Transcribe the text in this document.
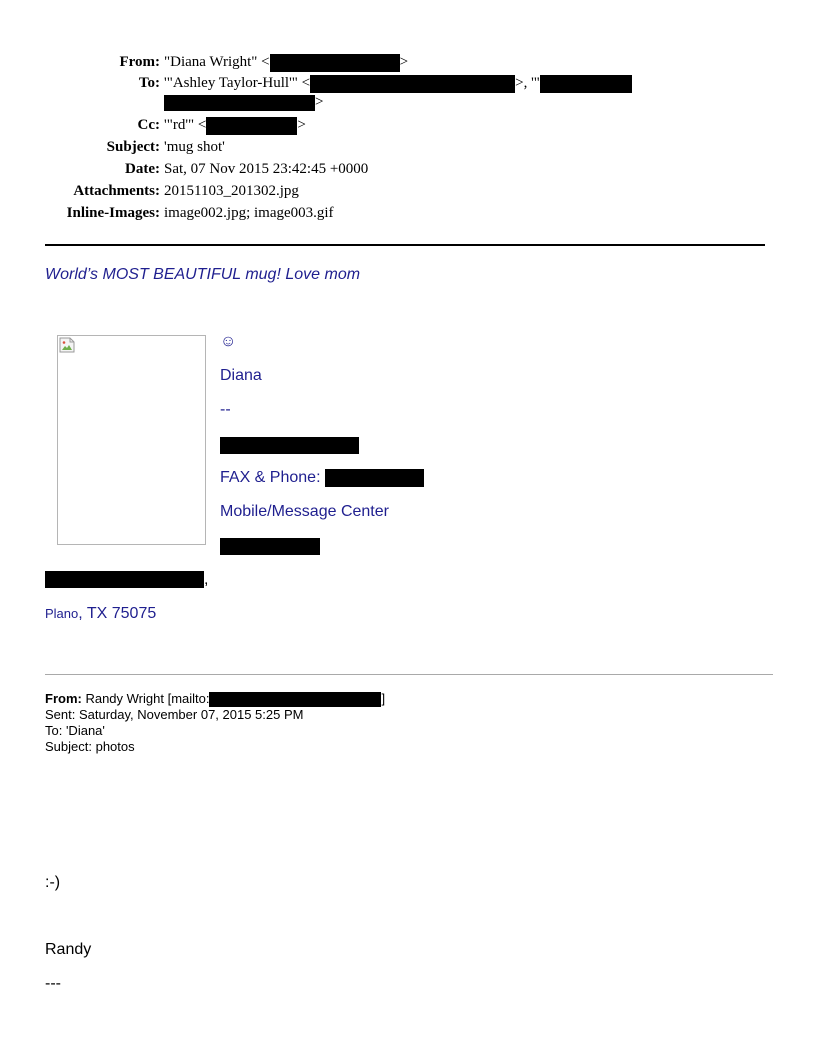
From: "Diana Wright" <	>
To: '"Ashley Taylor-Hull'" <	>, '"
>
Cc: '"rd'" <	>
Subject: 'mug shot'
Date: Sat, 07 Nov 2015 23:42:45 +0000
Attachments: 20151103_201302.jpg
Inline-Images: image002.jpg; image003.gif
World’s MOST BEAUTIFUL mug! Love mom
☺
Diana
--
FAX & Phone:
Mobile/Message Center
,
Plano, TX 75075
From: Randy Wright [mailto:	]
Sent: Saturday, November 07, 2015 5:25 PM
To: 'Diana'
Subject: photos
:-)
Randy
---
